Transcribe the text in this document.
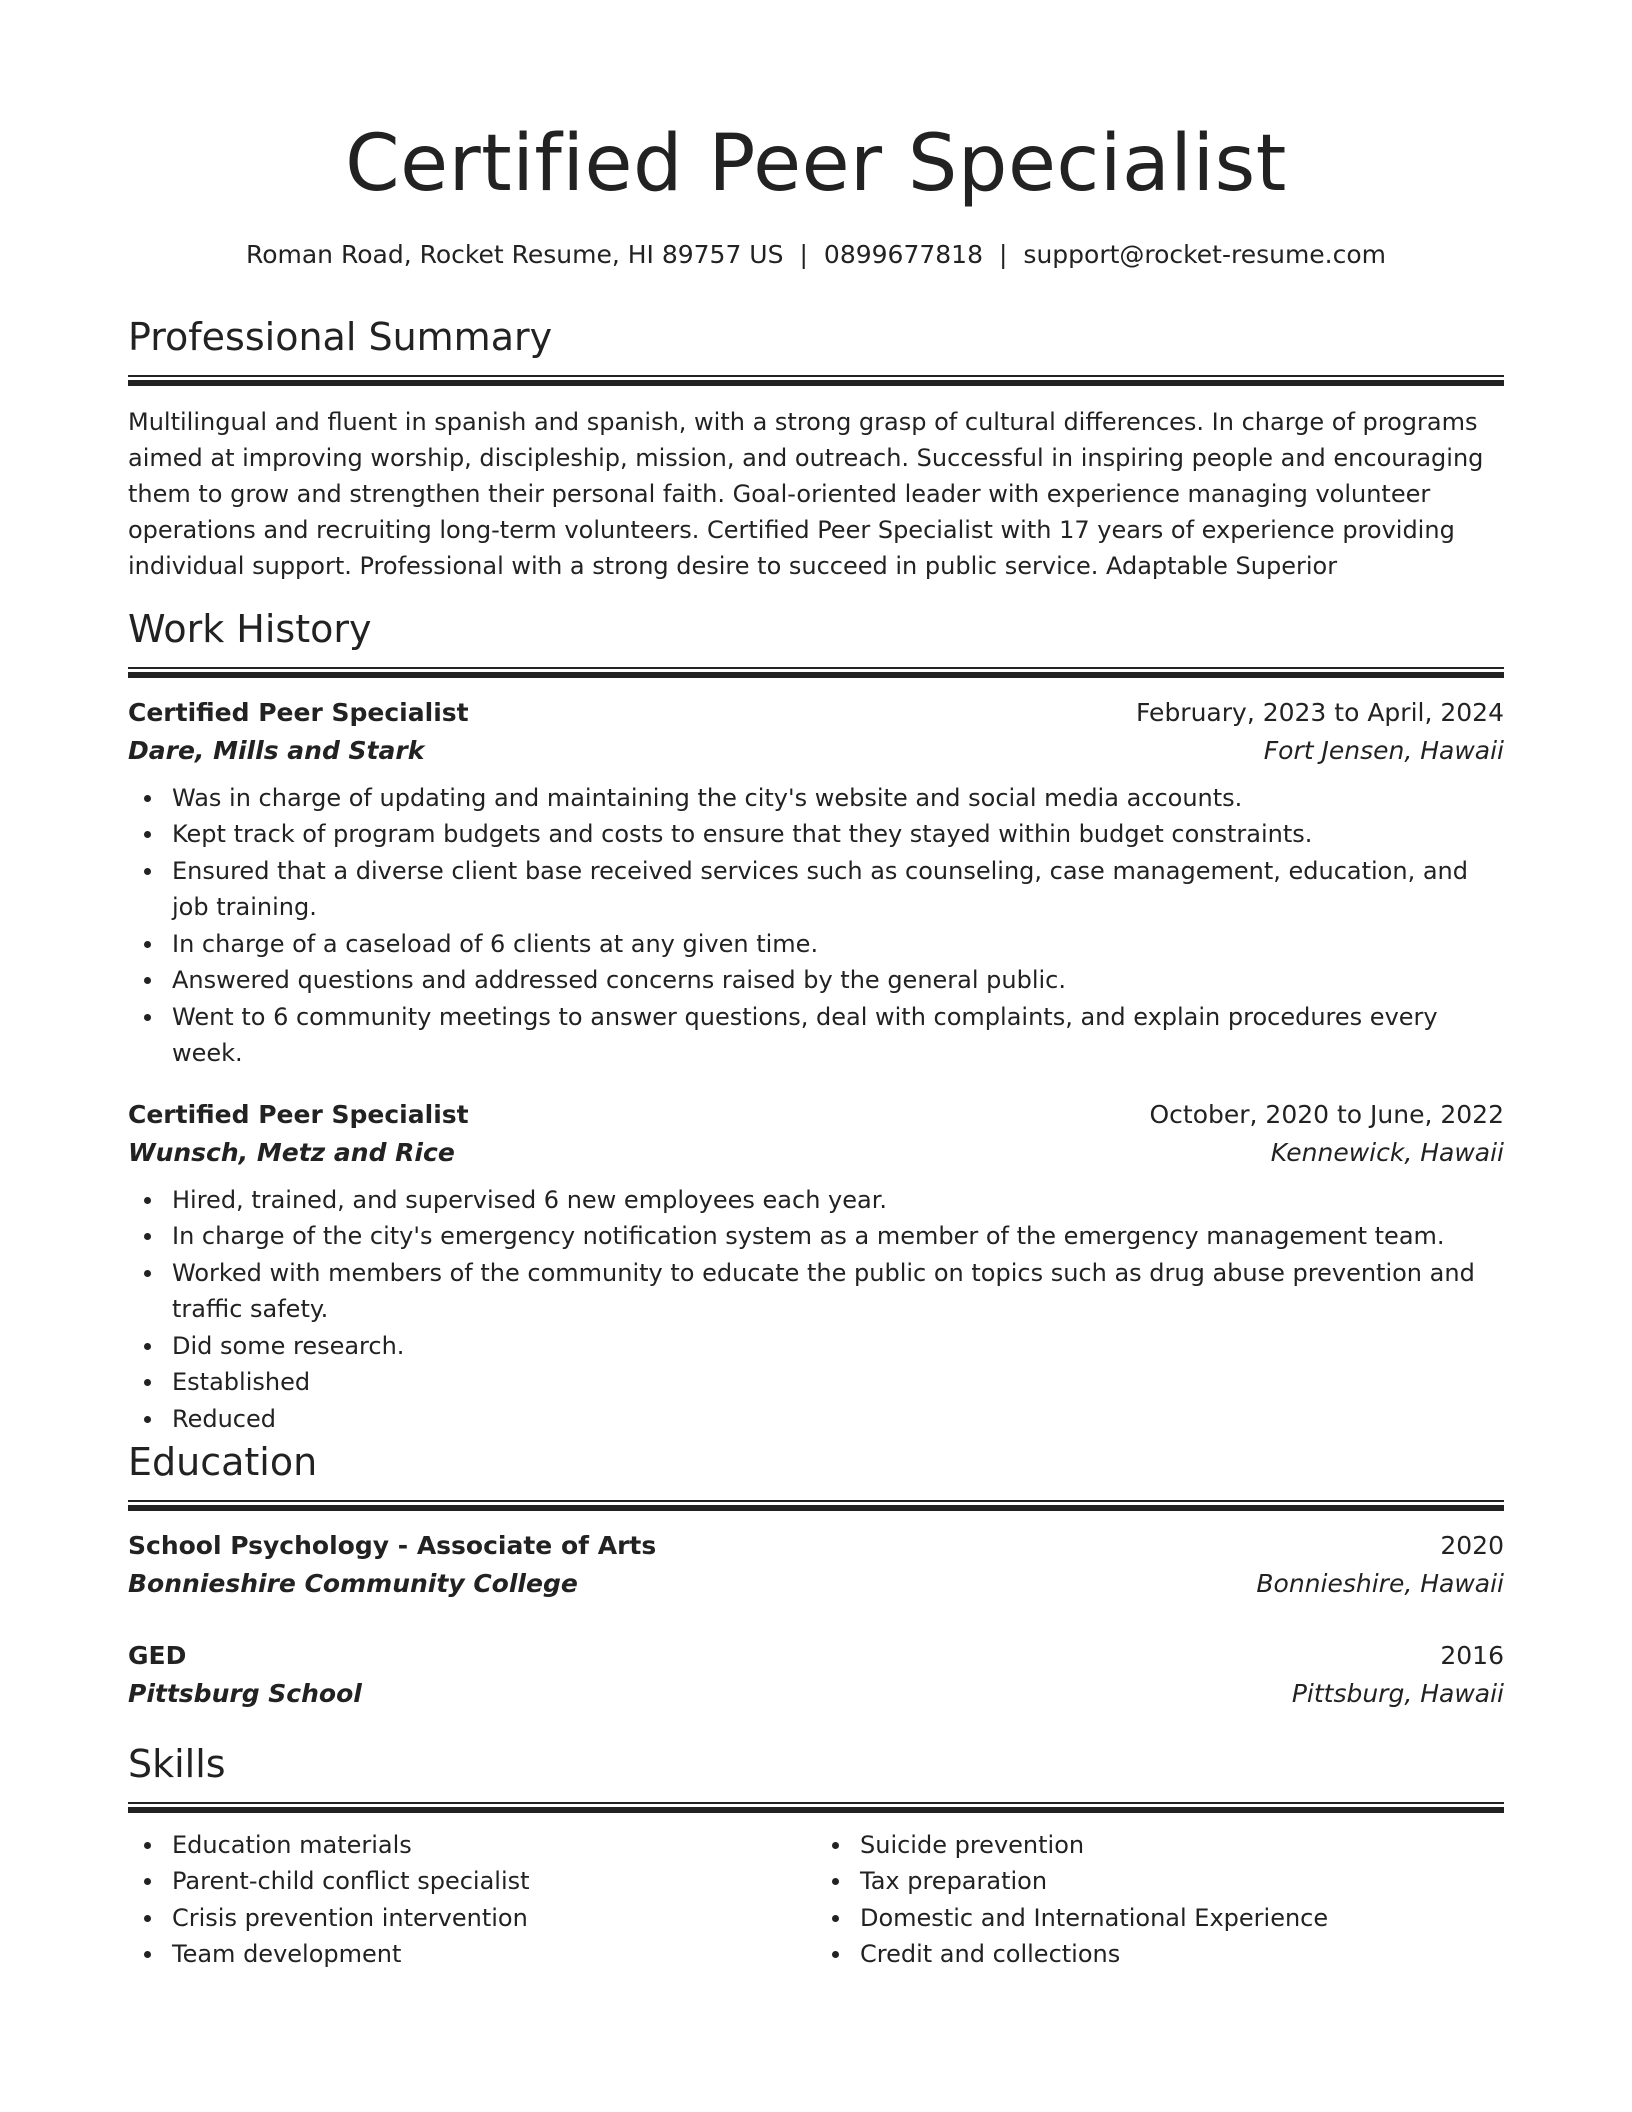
Certified Peer Specialist
Roman Road, Rocket Resume, HI 89757 US | 0899677818 | support@rocket-resume.com
Professional Summary
Multilingual and fluent in spanish and spanish, with a strong grasp of cultural differences. In charge of programs aimed at improving worship, discipleship, mission, and outreach. Successful in inspiring people and encouraging them to grow and strengthen their personal faith. Goal-oriented leader with experience managing volunteer operations and recruiting long-term volunteers. Certified Peer Specialist with 17 years of experience providing individual support. Professional with a strong desire to succeed in public service. Adaptable Superior
Work History
Certified Peer Specialist	February, 2023 to April, 2024
Dare, Mills and Stark	Fort Jensen, Hawaii
Was in charge of updating and maintaining the city's website and social media accounts.
Kept track of program budgets and costs to ensure that they stayed within budget constraints.
Ensured that a diverse client base received services such as counseling, case management, education, and job training.
In charge of a caseload of 6 clients at any given time.
Answered questions and addressed concerns raised by the general public.
Went to 6 community meetings to answer questions, deal with complaints, and explain procedures every week.
Certified Peer Specialist	October, 2020 to June, 2022
Wunsch, Metz and Rice	Kennewick, Hawaii
Hired, trained, and supervised 6 new employees each year.
In charge of the city's emergency notification system as a member of the emergency management team.
Worked with members of the community to educate the public on topics such as drug abuse prevention and traffic safety.
Did some research.
Established
Reduced
Education
School Psychology - Associate of Arts	2020
Bonnieshire Community College	Bonnieshire, Hawaii
GED	2016
Pittsburg School	Pittsburg, Hawaii
Skills
Education materials
Parent-child conflict specialist
Crisis prevention intervention
Team development
Suicide prevention
Tax preparation
Domestic and International Experience
Credit and collections
